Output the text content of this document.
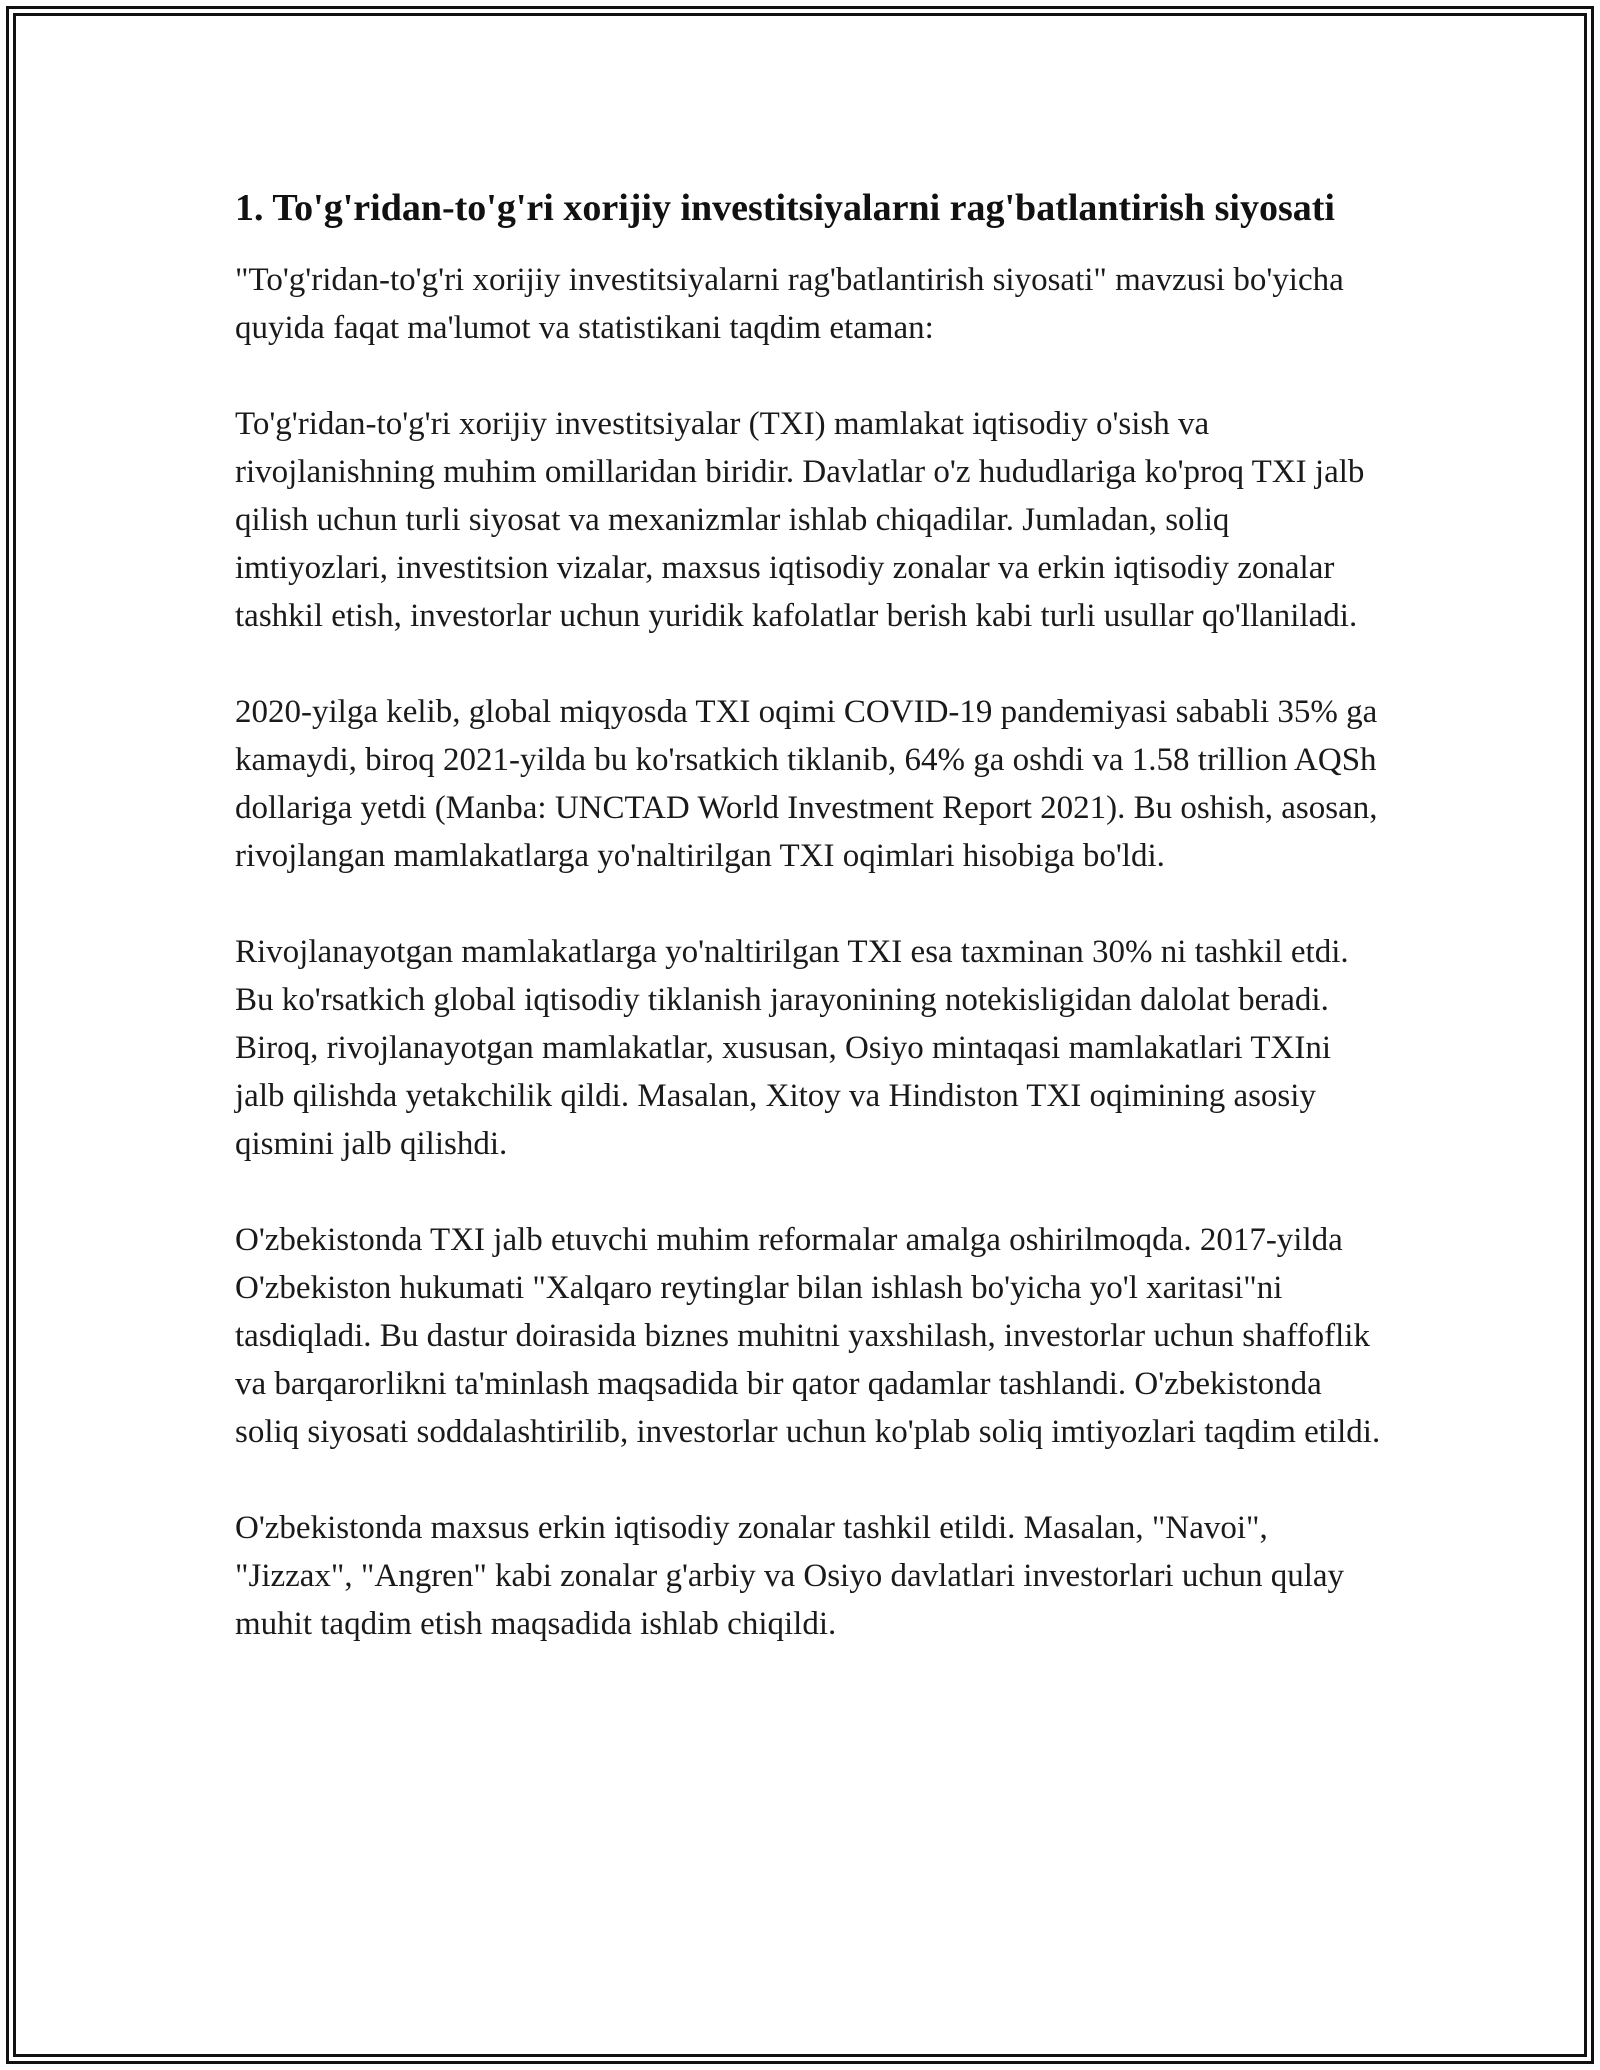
1. To'g'ridan-to'g'ri xorijiy investitsiyalarni rag'batlantirish siyosati

"To'g'ridan-to'g'ri xorijiy investitsiyalarni rag'batlantirish siyosati" mavzusi bo'yicha quyida faqat ma'lumot va statistikani taqdim etaman:

To'g'ridan-to'g'ri xorijiy investitsiyalar (TXI) mamlakat iqtisodiy o'sish va rivojlanishning muhim omillaridan biridir. Davlatlar o'z hududlariga ko'proq TXI jalb qilish uchun turli siyosat va mexanizmlar ishlab chiqadilar. Jumladan, soliq imtiyozlari, investitsion vizalar, maxsus iqtisodiy zonalar va erkin iqtisodiy zonalar tashkil etish, investorlar uchun yuridik kafolatlar berish kabi turli usullar qo'llaniladi.

2020-yilga kelib, global miqyosda TXI oqimi COVID-19 pandemiyasi sababli 35% ga kamaydi, biroq 2021-yilda bu ko'rsatkich tiklanib, 64% ga oshdi va 1.58 trillion AQSh dollariga yetdi (Manba: UNCTAD World Investment Report 2021). Bu oshish, asosan, rivojlangan mamlakatlarga yo'naltirilgan TXI oqimlari hisobiga bo'ldi.

Rivojlanayotgan mamlakatlarga yo'naltirilgan TXI esa taxminan 30% ni tashkil etdi. Bu ko'rsatkich global iqtisodiy tiklanish jarayonining notekisligidan dalolat beradi. Biroq, rivojlanayotgan mamlakatlar, xususan, Osiyo mintaqasi mamlakatlari TXIni jalb qilishda yetakchilik qildi. Masalan, Xitoy va Hindiston TXI oqimining asosiy qismini jalb qilishdi.

O'zbekistonda TXI jalb etuvchi muhim reformalar amalga oshirilmoqda. 2017-yilda O'zbekiston hukumati "Xalqaro reytinglar bilan ishlash bo'yicha yo'l xaritasi"ni tasdiqladi. Bu dastur doirasida biznes muhitni yaxshilash, investorlar uchun shaffoflik va barqarorlikni ta'minlash maqsadida bir qator qadamlar tashlandi. O'zbekistonda soliq siyosati soddalashtirilib, investorlar uchun ko'plab soliq imtiyozlari taqdim etildi.

O'zbekistonda maxsus erkin iqtisodiy zonalar tashkil etildi. Masalan, "Navoi", "Jizzax", "Angren" kabi zonalar g'arbiy va Osiyo davlatlari investorlari uchun qulay muhit taqdim etish maqsadida ishlab chiqildi.
